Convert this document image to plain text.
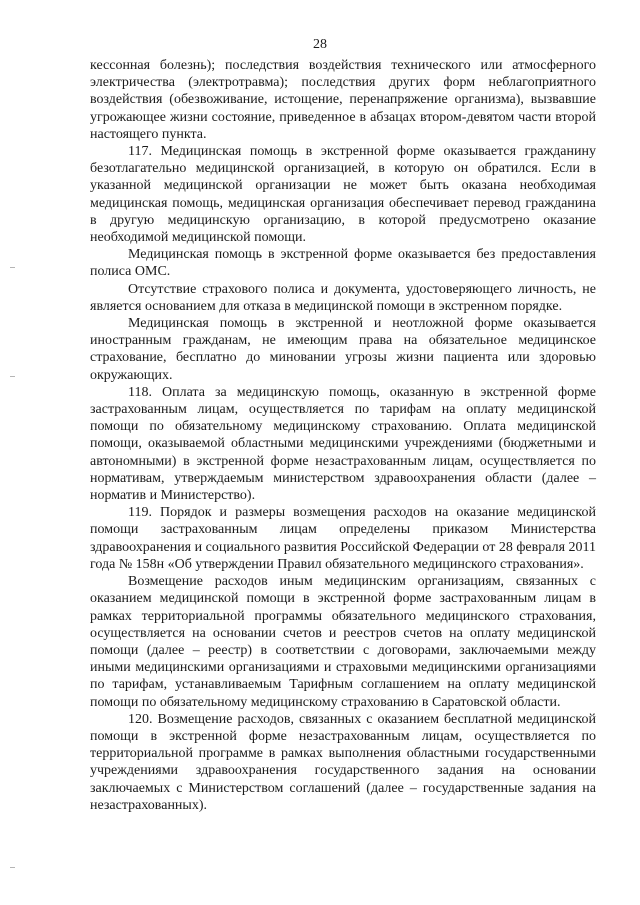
28

кессонная болезнь); последствия воздействия технического или атмосферного электричества (электротравма); последствия других форм неблагоприятного воздействия (обезвоживание, истощение, перенапряжение организма), вызвавшие угрожающее жизни состояние, приведенное в абзацах втором-девятом части второй настоящего пункта.

117. Медицинская помощь в экстренной форме оказывается гражданину безотлагательно медицинской организацией, в которую он обратился. Если в указанной медицинской организации не может быть оказана необходимая медицинская помощь, медицинская организация обеспечивает перевод гражданина в другую медицинскую организацию, в которой предусмотрено оказание необходимой медицинской помощи.

Медицинская помощь в экстренной форме оказывается без предоставления полиса ОМС.

Отсутствие страхового полиса и документа, удостоверяющего личность, не является основанием для отказа в медицинской помощи в экстренном порядке.

Медицинская помощь в экстренной и неотложной форме оказывается иностранным гражданам, не имеющим права на обязательное медицинское страхование, бесплатно до миновании угрозы жизни пациента или здоровью окружающих.

118. Оплата за медицинскую помощь, оказанную в экстренной форме застрахованным лицам, осуществляется по тарифам на оплату медицинской помощи по обязательному медицинскому страхованию. Оплата медицинской помощи, оказываемой областными медицинскими учреждениями (бюджетными и автономными) в экстренной форме незастрахованным лицам, осуществляется по нормативам, утверждаемым министерством здравоохранения области (далее – норматив и Министерство).

119. Порядок и размеры возмещения расходов на оказание медицинской помощи застрахованным лицам определены приказом Министерства здравоохранения и социального развития Российской Федерации от 28 февраля 2011 года № 158н «Об утверждении Правил обязательного медицинского страхования».

Возмещение расходов иным медицинским организациям, связанных с оказанием медицинской помощи в экстренной форме застрахованным лицам в рамках территориальной программы обязательного медицинского страхования, осуществляется на основании счетов и реестров счетов на оплату медицинской помощи (далее – реестр) в соответствии с договорами, заключаемыми между иными медицинскими организациями и страховыми медицинскими организациями по тарифам, устанавливаемым Тарифным соглашением на оплату медицинской помощи по обязательному медицинскому страхованию в Саратовской области.

120. Возмещение расходов, связанных с оказанием бесплатной медицинской помощи в экстренной форме незастрахованным лицам, осуществляется по территориальной программе в рамках выполнения областными государственными учреждениями здравоохранения государственного задания на основании заключаемых с Министерством соглашений (далее – государственные задания на незастрахованных).
